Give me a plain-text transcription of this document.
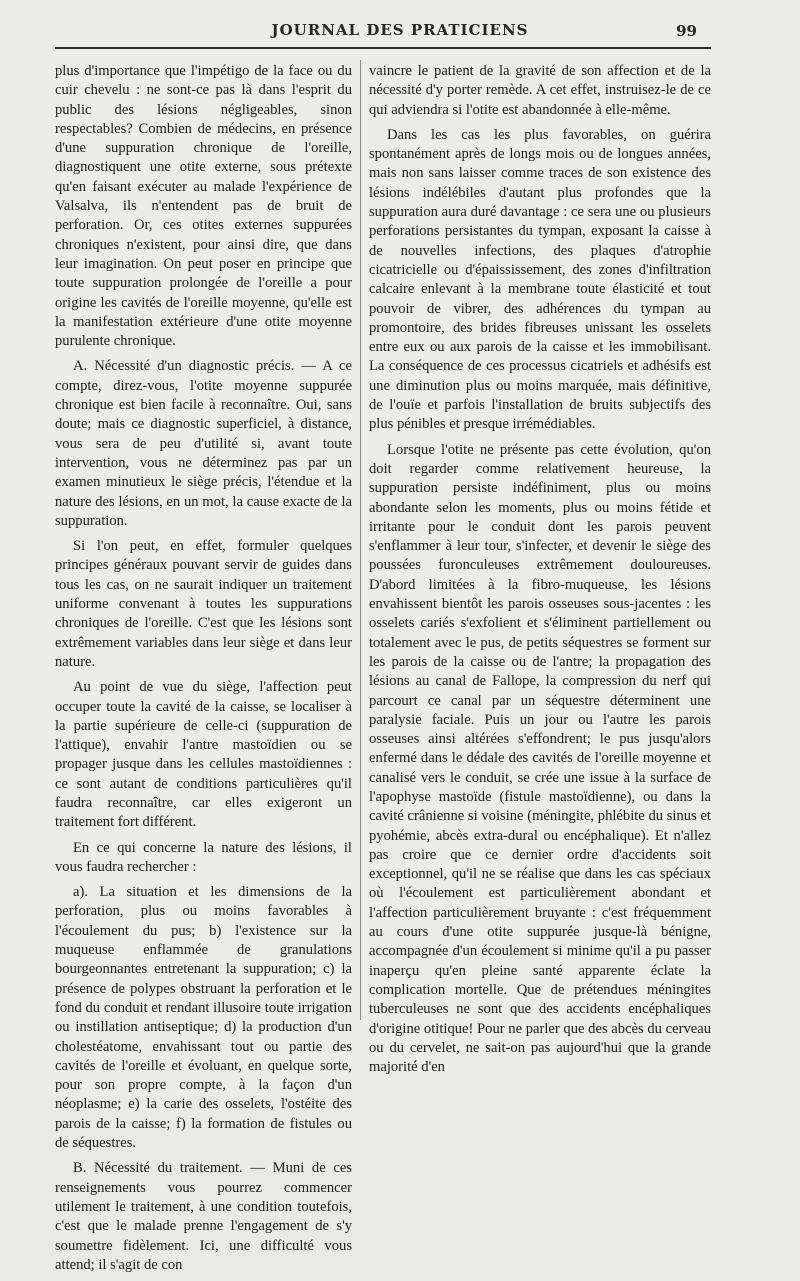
JOURNAL DES PRATICIENS	99

plus d'importance que l'impétigo de la face ou du cuir chevelu : ne sont-ce pas là dans l'esprit du public des lésions négligeables, sinon respectables? Combien de médecins, en présence d'une suppuration chronique de l'oreille, diagnostiquent une otite externe, sous prétexte qu'en faisant exécuter au malade l'expérience de Valsalva, ils n'entendent pas de bruit de perforation. Or, ces otites externes suppurées chroniques n'existent, pour ainsi dire, que dans leur imagination. On peut poser en principe que toute suppuration prolongée de l'oreille a pour origine les cavités de l'oreille moyenne, qu'elle est la manifestation extérieure d'une otite moyenne purulente chronique.

A. Nécessité d'un diagnostic précis. — A ce compte, direz-vous, l'otite moyenne suppurée chronique est bien facile à reconnaître. Oui, sans doute; mais ce diagnostic superficiel, à distance, vous sera de peu d'utilité si, avant toute intervention, vous ne déterminez pas par un examen minutieux le siège précis, l'étendue et la nature des lésions, en un mot, la cause exacte de la suppuration.

Si l'on peut, en effet, formuler quelques principes généraux pouvant servir de guides dans tous les cas, on ne saurait indiquer un traitement uniforme convenant à toutes les suppurations chroniques de l'oreille. C'est que les lésions sont extrêmement variables dans leur siège et dans leur nature.

Au point de vue du siège, l'affection peut occuper toute la cavité de la caisse, se localiser à la partie supérieure de celle-ci (suppuration de l'attique), envahir l'antre mastoïdien ou se propager jusque dans les cellules mastoïdiennes : ce sont autant de conditions particulières qu'il faudra reconnaître, car elles exigeront un traitement fort différent.

En ce qui concerne la nature des lésions, il vous faudra rechercher :

a). La situation et les dimensions de la perforation, plus ou moins favorables à l'écoulement du pus; b) l'existence sur la muqueuse enflammée de granulations bourgeonnantes entretenant la suppuration; c) la présence de polypes obstruant la perforation et le fond du conduit et rendant illusoire toute irrigation ou instillation antiseptique; d) la production d'un cholestéatome, envahissant tout ou partie des cavités de l'oreille et évoluant, en quelque sorte, pour son propre compte, à la façon d'un néoplasme; e) la carie des osselets, l'ostéite des parois de la caisse; f) la formation de fistules ou de séquestres.

B. Nécessité du traitement. — Muni de ces renseignements vous pourrez commencer utilement le traitement, à une condition toutefois, c'est que le malade prenne l'engagement de s'y soumettre fidèlement. Ici, une difficulté vous attend; il s'agit de con

vaincre le patient de la gravité de son affection et de la nécessité d'y porter remède. A cet effet, instruisez-le de ce qui adviendra si l'otite est abandonnée à elle-même.

Dans les cas les plus favorables, on guérira spontanément après de longs mois ou de longues années, mais non sans laisser comme traces de son existence des lésions indélébiles d'autant plus profondes que la suppuration aura duré davantage : ce sera une ou plusieurs perforations persistantes du tympan, exposant la caisse à de nouvelles infections, des plaques d'atrophie cicatricielle ou d'épaississement, des zones d'infiltration calcaire enlevant à la membrane toute élasticité et tout pouvoir de vibrer, des adhérences du tympan au promontoire, des brides fibreuses unissant les osselets entre eux ou aux parois de la caisse et les immobilisant. La conséquence de ces processus cicatriels et adhésifs est une diminution plus ou moins marquée, mais définitive, de l'ouïe et parfois l'installation de bruits subjectifs des plus pénibles et presque irrémédiables.

Lorsque l'otite ne présente pas cette évolution, qu'on doit regarder comme relativement heureuse, la suppuration persiste indéfiniment, plus ou moins abondante selon les moments, plus ou moins fétide et irritante pour le conduit dont les parois peuvent s'enflammer à leur tour, s'infecter, et devenir le siège des poussées furonculeuses extrêmement douloureuses. D'abord limitées à la fibro-muqueuse, les lésions envahissent bientôt les parois osseuses sous-jacentes : les osselets cariés s'exfolient et s'éliminent partiellement ou totalement avec le pus, de petits séquestres se forment sur les parois de la caisse ou de l'antre; la propagation des lésions au canal de Fallope, la compression du nerf qui parcourt ce canal par un séquestre déterminent une paralysie faciale. Puis un jour ou l'autre les parois osseuses ainsi altérées s'effondrent; le pus jusqu'alors enfermé dans le dédale des cavités de l'oreille moyenne et canalisé vers le conduit, se crée une issue à la surface de l'apophyse mastoïde (fistule mastoïdienne), ou dans la cavité crânienne si voisine (méningite, phlébite du sinus et pyohémie, abcès extra-dural ou encéphalique). Et n'allez pas croire que ce dernier ordre d'accidents soit exceptionnel, qu'il ne se réalise que dans les cas spéciaux où l'écoulement est particulièrement abondant et l'affection particulièrement bruyante : c'est fréquemment au cours d'une otite suppurée jusque-là bénigne, accompagnée d'un écoulement si minime qu'il a pu passer inaperçu qu'en pleine santé apparente éclate la complication mortelle. Que de prétendues méningites tuberculeuses ne sont que des accidents encéphaliques d'origine otitique! Pour ne parler que des abcès du cerveau ou du cervelet, ne sait-on pas aujourd'hui que la grande majorité d'en
